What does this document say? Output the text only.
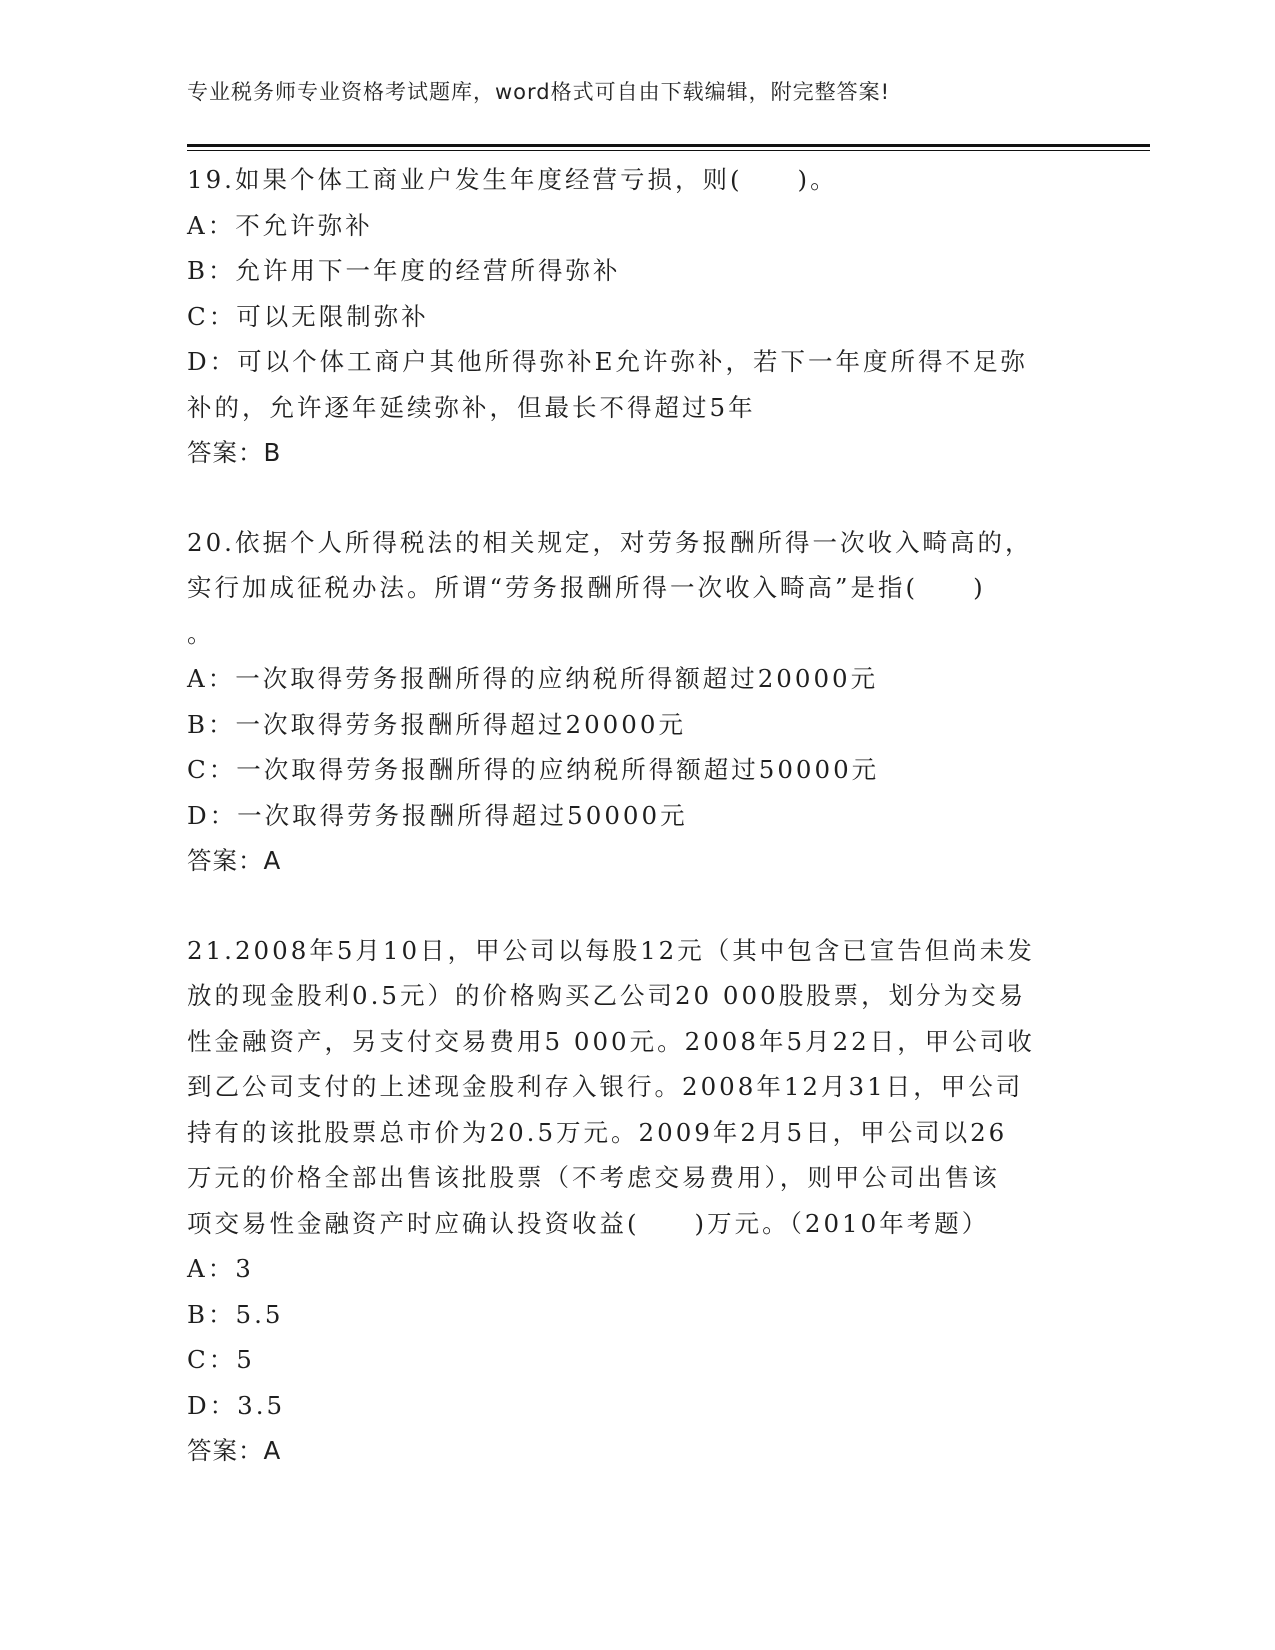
专业税务师专业资格考试题库，word格式可自由下载编辑，附完整答案!
19.如果个体工商业户发生年度经营亏损，则(　　)。
A：不允许弥补
B：允许用下一年度的经营所得弥补
C：可以无限制弥补
D：可以个体工商户其他所得弥补E允许弥补，若下一年度所得不足弥
补的，允许逐年延续弥补，但最长不得超过5年
答案：B
20.依据个人所得税法的相关规定，对劳务报酬所得一次收入畸高的，
实行加成征税办法。所谓“劳务报酬所得一次收入畸高”是指(　　)
。
A：一次取得劳务报酬所得的应纳税所得额超过20000元
B：一次取得劳务报酬所得超过20000元
C：一次取得劳务报酬所得的应纳税所得额超过50000元
D：一次取得劳务报酬所得超过50000元
答案：A
21.2008年5月10日，甲公司以每股12元（其中包含已宣告但尚未发
放的现金股利0.5元）的价格购买乙公司20 000股股票，划分为交易
性金融资产，另支付交易费用5 000元。2008年5月22日，甲公司收
到乙公司支付的上述现金股利存入银行。2008年12月31日，甲公司
持有的该批股票总市价为20.5万元。2009年2月5日，甲公司以26
万元的价格全部出售该批股票（不考虑交易费用），则甲公司出售该
项交易性金融资产时应确认投资收益(　　)万元。（2010年考题）
A：3
B：5.5
C：5
D：3.5
答案：A
